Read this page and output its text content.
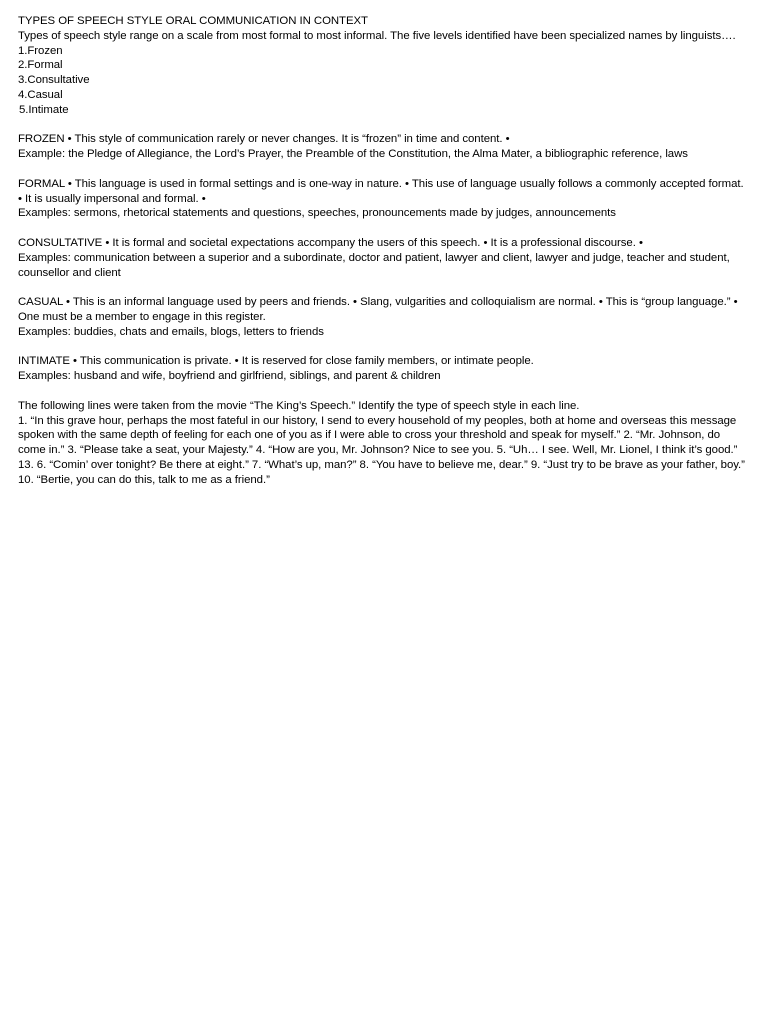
TYPES OF SPEECH STYLE ORAL COMMUNICATION IN CONTEXT

Types of speech style range on a scale from most formal to most informal. The five levels identified have been specialized names by linguists….

1.Frozen
2.Formal
3.Consultative
4.Casual
5.Intimate

FROZEN • This style of communication rarely or never changes. It is “frozen” in time and content. •

Example: the Pledge of Allegiance, the Lord’s Prayer, the Preamble of the Constitution, the Alma Mater, a bibliographic reference, laws

FORMAL • This language is used in formal settings and is one-way in nature. • This use of language usually follows a commonly accepted format. • It is usually impersonal and formal. •

Examples: sermons, rhetorical statements and questions, speeches, pronouncements made by judges, announcements

CONSULTATIVE • It is formal and societal expectations accompany the users of this speech. • It is a professional discourse. •

Examples: communication between a superior and a subordinate, doctor and patient, lawyer and client, lawyer and judge, teacher and student, counsellor and client

CASUAL • This is an informal language used by peers and friends. • Slang, vulgarities and colloquialism are normal. • This is “group language.” • One must be a member to engage in this register.

Examples: buddies, chats and emails, blogs, letters to friends

INTIMATE • This communication is private. • It is reserved for close family members, or intimate people.

Examples: husband and wife, boyfriend and girlfriend, siblings, and parent & children

The following lines were taken from the movie “The King’s Speech.” Identify the type of speech style in each line.

1. “In this grave hour, perhaps the most fateful in our history, I send to every household of my peoples, both at home and overseas this message spoken with the same depth of feeling for each one of you as if I were able to cross your threshold and speak for myself.” 2. “Mr. Johnson, do come in.” 3. “Please take a seat, your Majesty.” 4. “How are you, Mr. Johnson? Nice to see you. 5. “Uh… I see. Well, Mr. Lionel, I think it’s good.”

13. 6. “Comin’ over tonight? Be there at eight.” 7. “What’s up, man?” 8. “You have to believe me, dear.” 9. “Just try to be brave as your father, boy.” 10. “Bertie, you can do this, talk to me as a friend.”
